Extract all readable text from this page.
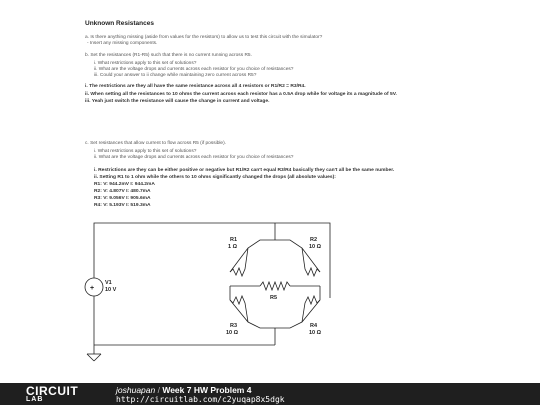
Unknown Resistances
a. Is there anything missing (aside from values for the resistors) to allow us to test this circuit with the simulator?
- Insert any missing components.
b. Set the resistances (R1-R5) such that there is no current running across R5.
i. What restrictions apply to this set of solutions?
ii. What are the voltage drops and currents across each resistor for you choice of resistances?
iii. Could your answer to ii change while maintaining zero current across R5?
i. The restrictions are they all have the same resistance across all 4 resistors or R1/R2 = R3/R4.
ii. When setting all the resistances to 10 ohms the current across each resistor has a 0.5A drop while for voltage its a magnitude of 5V.
iii. Yeah just switch the resistance will cause the change in current and voltage.
c. Set resistances that allow current to flow across R5 (if possible).
i. What restrictions apply to this set of solutions?
ii. What are the voltage drops and currents across each resistor for you choice of resistances?
i. Restrictions are they can be either positive or negative but R1/R2 can't equal R3/R4 basically they can't all be the same number.
ii. Setting R1 to 1 ohm while the others to 10 ohms significantly changed the drops (all absolute values):
R1: V: 944.2mV I: 944.2mA
R2: V: 4.807V I: 480.7mA
R3: V: 9.056V I: 905.6mA
R4: V: 5.193V I: 519.3mA
+
V1
10 V
R1
1 Ω
R2
10 Ω
R5
R3
10 Ω
R4
10 Ω
CIRCUIT
LAB
joshuapan / Week 7 HW Problem 4
http://circuitlab.com/c2yuqap8x5dgk
